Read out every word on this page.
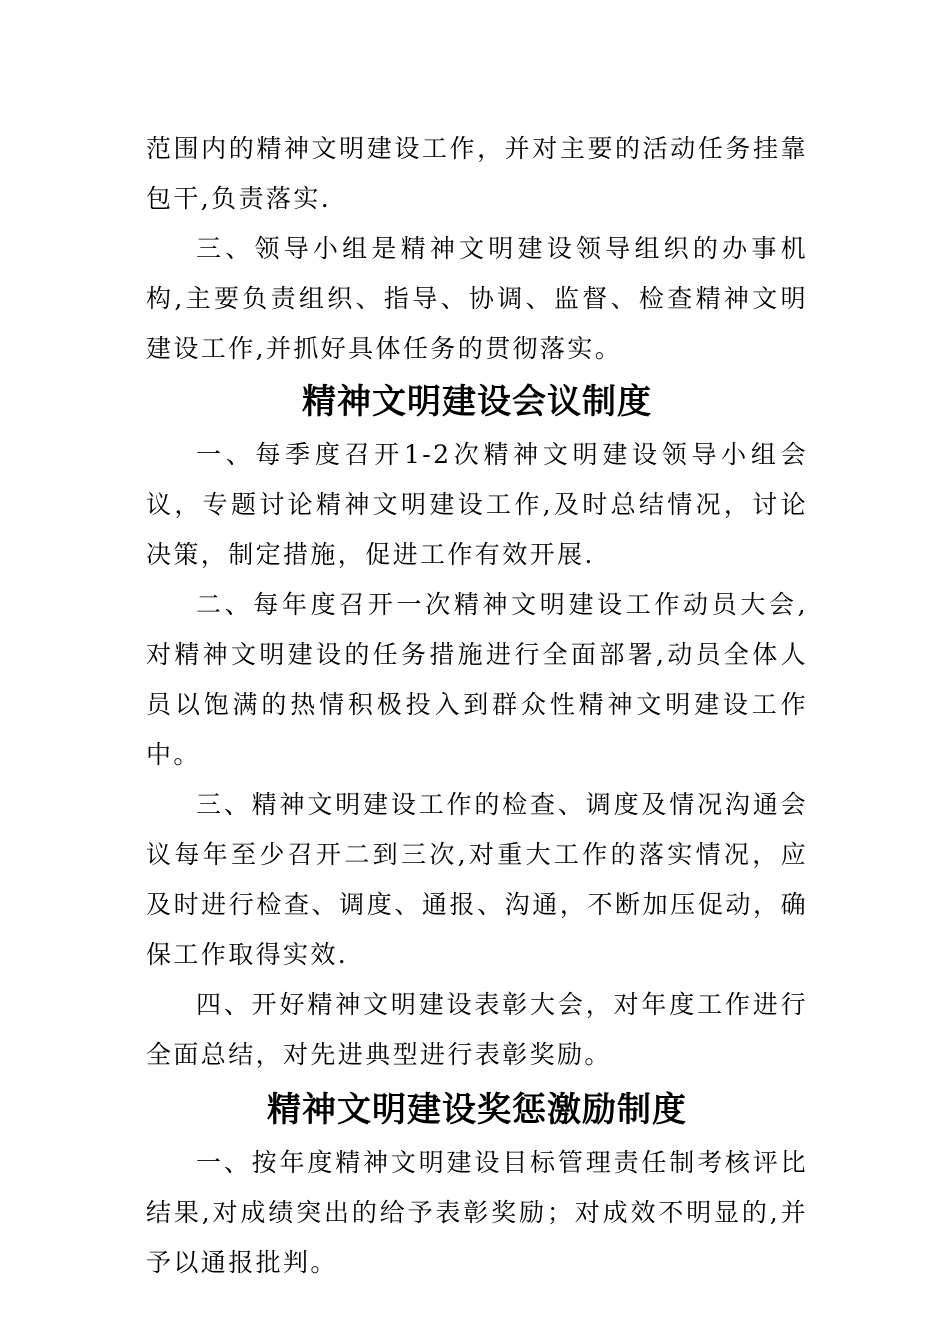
范围内的精神文明建设工作，并对主要的活动任务挂靠包干,负责落实.

三、领导小组是精神文明建设领导组织的办事机构,主要负责组织、指导、协调、监督、检查精神文明建设工作,并抓好具体任务的贯彻落实。

精神文明建设会议制度

一、每季度召开1-2次精神文明建设领导小组会议，专题讨论精神文明建设工作,及时总结情况，讨论决策，制定措施，促进工作有效开展.

二、每年度召开一次精神文明建设工作动员大会,对精神文明建设的任务措施进行全面部署,动员全体人员以饱满的热情积极投入到群众性精神文明建设工作中。

三、精神文明建设工作的检查、调度及情况沟通会议每年至少召开二到三次,对重大工作的落实情况，应及时进行检查、调度、通报、沟通，不断加压促动，确保工作取得实效.

四、开好精神文明建设表彰大会，对年度工作进行全面总结，对先进典型进行表彰奖励。

精神文明建设奖惩激励制度

一、按年度精神文明建设目标管理责任制考核评比结果,对成绩突出的给予表彰奖励；对成效不明显的,并予以通报批判。
